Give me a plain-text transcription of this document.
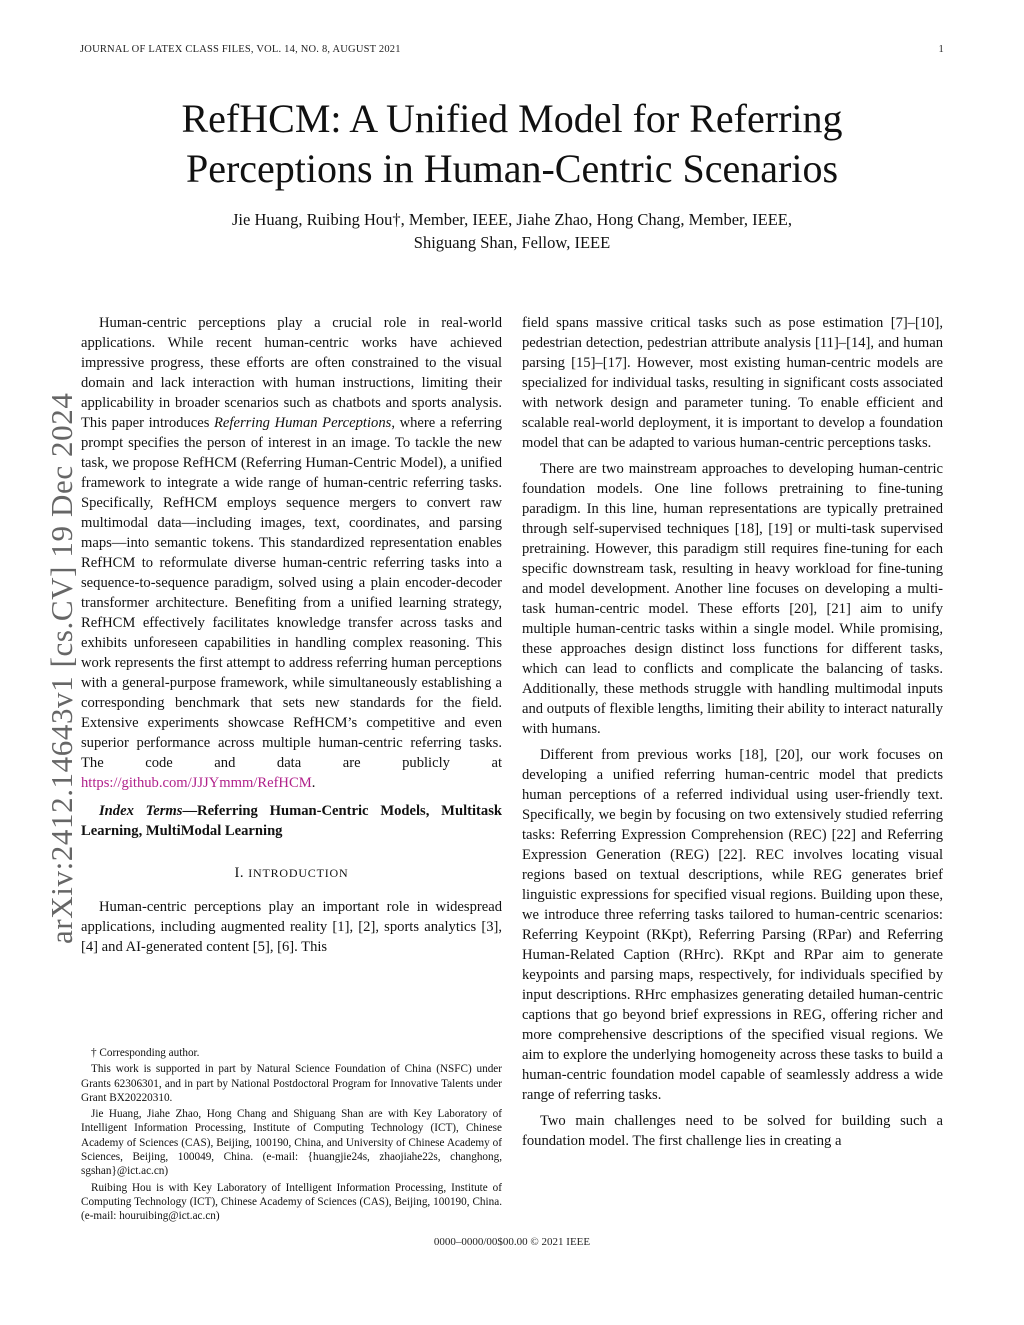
JOURNAL OF LATEX CLASS FILES, VOL. 14, NO. 8, AUGUST 2021	1
RefHCM: A Unified Model for Referring
Perceptions in Human-Centric Scenarios
Jie Huang, Ruibing Hou†, Member, IEEE, Jiahe Zhao, Hong Chang, Member, IEEE,
Shiguang Shan, Fellow, IEEE
arXiv:2412.14643v1 [cs.CV] 19 Dec 2024

Human-centric perceptions play a crucial role in real-world applications. While recent human-centric works have achieved impressive progress, these efforts are often constrained to the visual domain and lack interaction with human instructions, limiting their applicability in broader scenarios such as chatbots and sports analysis. This paper introduces Referring Human Perceptions, where a referring prompt specifies the person of interest in an image. To tackle the new task, we propose RefHCM (Referring Human-Centric Model), a unified framework to integrate a wide range of human-centric referring tasks. Specifically, RefHCM employs sequence mergers to convert raw multimodal data—including images, text, coordinates, and parsing maps—into semantic tokens. This standardized representation enables RefHCM to reformulate diverse human-centric referring tasks into a sequence-to-sequence paradigm, solved using a plain encoder-decoder transformer architecture. Benefiting from a unified learning strategy, RefHCM effectively facilitates knowledge transfer across tasks and exhibits unforeseen capabilities in handling complex reasoning. This work represents the first attempt to address referring human perceptions with a general-purpose framework, while simultaneously establishing a corresponding benchmark that sets new standards for the field. Extensive experiments showcase RefHCM’s competitive and even superior performance across multiple human-centric referring tasks. The code and data are publicly at https://github.com/JJJYmmm/RefHCM.

Index Terms—Referring Human-Centric Models, Multitask Learning, MultiModal Learning

I. INTRODUCTION

Human-centric perceptions play an important role in widespread applications, including augmented reality [1], [2], sports analytics [3], [4] and AI-generated content [5], [6]. This

† Corresponding author.

This work is supported in part by Natural Science Foundation of China (NSFC) under Grants 62306301, and in part by National Postdoctoral Program for Innovative Talents under Grant BX20220310.

Jie Huang, Jiahe Zhao, Hong Chang and Shiguang Shan are with Key Laboratory of Intelligent Information Processing, Institute of Computing Technology (ICT), Chinese Academy of Sciences (CAS), Beijing, 100190, China, and University of Chinese Academy of Sciences, Beijing, 100049, China. (e-mail: {huangjie24s, zhaojiahe22s, changhong, sgshan}@ict.ac.cn)

Ruibing Hou is with Key Laboratory of Intelligent Information Processing, Institute of Computing Technology (ICT), Chinese Academy of Sciences (CAS), Beijing, 100190, China. (e-mail: houruibing@ict.ac.cn)

field spans massive critical tasks such as pose estimation [7]–[10], pedestrian detection, pedestrian attribute analysis [11]–[14], and human parsing [15]–[17]. However, most existing human-centric models are specialized for individual tasks, resulting in significant costs associated with network design and parameter tuning. To enable efficient and scalable real-world deployment, it is important to develop a foundation model that can be adapted to various human-centric perceptions tasks.

There are two mainstream approaches to developing human-centric foundation models. One line follows pretraining to fine-tuning paradigm. In this line, human representations are typically pretrained through self-supervised techniques [18], [19] or multi-task supervised pretraining. However, this paradigm still requires fine-tuning for each specific downstream task, resulting in heavy workload for fine-tuning and model development. Another line focuses on developing a multi-task human-centric model. These efforts [20], [21] aim to unify multiple human-centric tasks within a single model. While promising, these approaches design distinct loss functions for different tasks, which can lead to conflicts and complicate the balancing of tasks. Additionally, these methods struggle with handling multimodal inputs and outputs of flexible lengths, limiting their ability to interact naturally with humans.

Different from previous works [18], [20], our work focuses on developing a unified referring human-centric model that predicts human perceptions of a referred individual using user-friendly text. Specifically, we begin by focusing on two extensively studied referring tasks: Referring Expression Comprehension (REC) [22] and Referring Expression Generation (REG) [22]. REC involves locating visual regions based on textual descriptions, while REG generates brief linguistic expressions for specified visual regions. Building upon these, we introduce three referring tasks tailored to human-centric scenarios: Referring Keypoint (RKpt), Referring Parsing (RPar) and Referring Human-Related Caption (RHrc). RKpt and RPar aim to generate keypoints and parsing maps, respectively, for individuals specified by input descriptions. RHrc emphasizes generating detailed human-centric captions that go beyond brief expressions in REG, offering richer and more comprehensive descriptions of the specified visual regions. We aim to explore the underlying homogeneity across these tasks to build a human-centric foundation model capable of seamlessly address a wide range of referring tasks.

Two main challenges need to be solved for building such a foundation model. The first challenge lies in creating a

0000–0000/00$00.00 © 2021 IEEE
